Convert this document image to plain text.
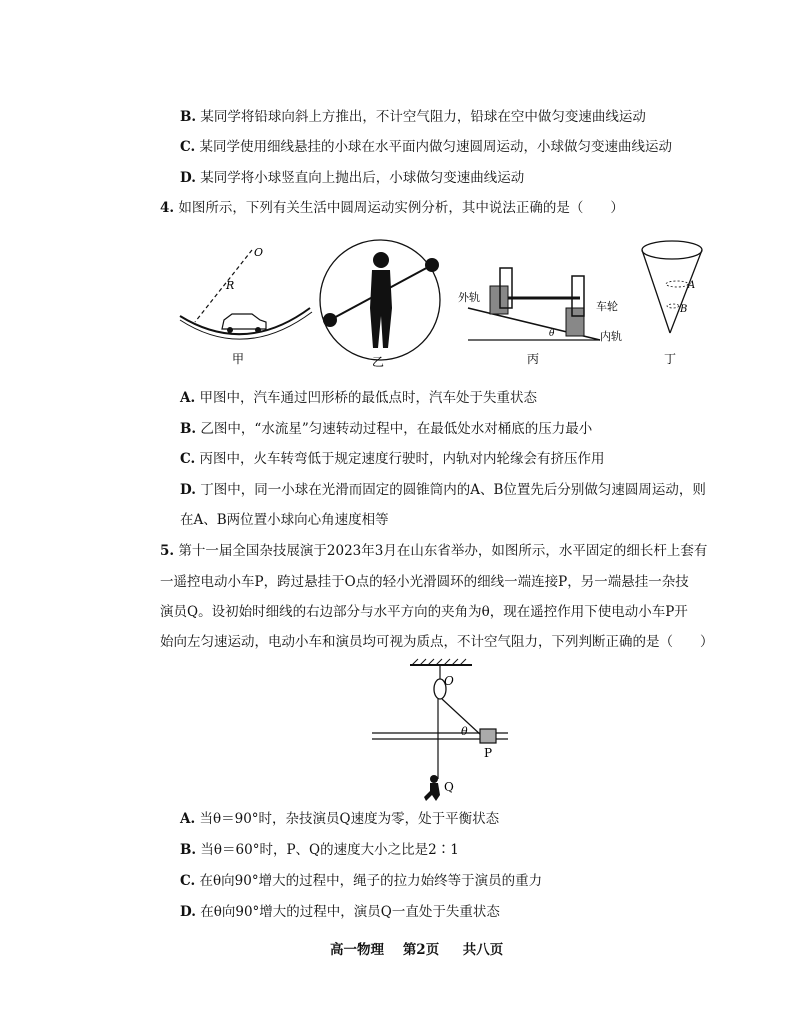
B. 某同学将铅球向斜上方推出，不计空气阻力，铅球在空中做匀变速曲线运动
C. 某同学使用细线悬挂的小球在水平面内做匀速圆周运动，小球做匀变速曲线运动
D. 某同学将小球竖直向上抛出后，小球做匀变速曲线运动
4. 如图所示，下列有关生活中圆周运动实例分析，其中说法正确的是（　　）
O
R
甲	乙
θ
外轨
车轮
内轨
丙
A
B
丁
A. 甲图中，汽车通过凹形桥的最低点时，汽车处于失重状态
B. 乙图中，“水流星”匀速转动过程中，在最低处水对桶底的压力最小
C. 丙图中，火车转弯低于规定速度行驶时，内轨对内轮缘会有挤压作用
D. 丁图中，同一小球在光滑而固定的圆锥筒内的A、B位置先后分别做匀速圆周运动，则
在A、B两位置小球向心角速度相等
5. 第十一届全国杂技展演于2023年3月在山东省举办，如图所示，水平固定的细长杆上套有
一遥控电动小车P，跨过悬挂于O点的轻小光滑圆环的细线一端连接P，另一端悬挂一杂技
演员Q。设初始时细线的右边部分与水平方向的夹角为θ，现在遥控作用下使电动小车P开
始向左匀速运动，电动小车和演员均可视为质点，不计空气阻力，下列判断正确的是（　　）
O
θ
P
Q
A. 当θ＝90°时，杂技演员Q速度为零，处于平衡状态
B. 当θ＝60°时，P、Q的速度大小之比是2∶1
C. 在θ向90°增大的过程中，绳子的拉力始终等于演员的重力
D. 在θ向90°增大的过程中，演员Q一直处于失重状态
高一物理 第2页 共八页
